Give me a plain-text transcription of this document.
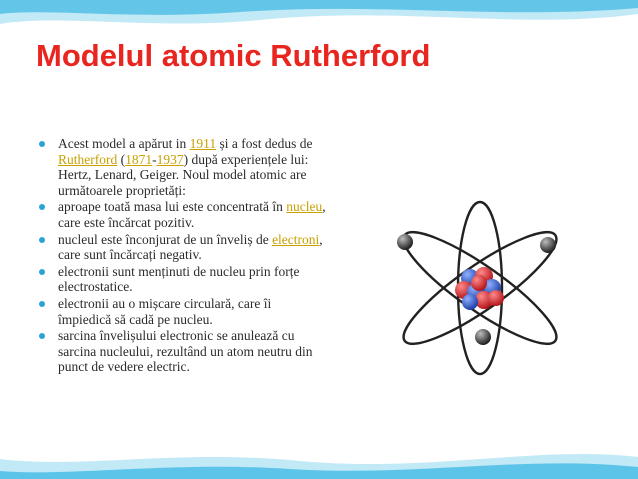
Modelul atomic Rutherford
Acest model a apărut in 1911 și a fost dedus de Rutherford (1871-1937) după experiențele lui: Hertz, Lenard, Geiger. Noul model atomic are următoarele proprietăți:
aproape toată masa lui este concentrată în nucleu, care este încărcat pozitiv.
nucleul este înconjurat de un înveliș de electroni, care sunt încărcați negativ.
electronii sunt menținuti de nucleu prin forțe electrostatice.
electronii au o mișcare circulară, care îi împiedică să cadă pe nucleu.
sarcina învelișului electronic se anulează cu sarcina nucleului, rezultând un atom neutru din punct de vedere electric.
